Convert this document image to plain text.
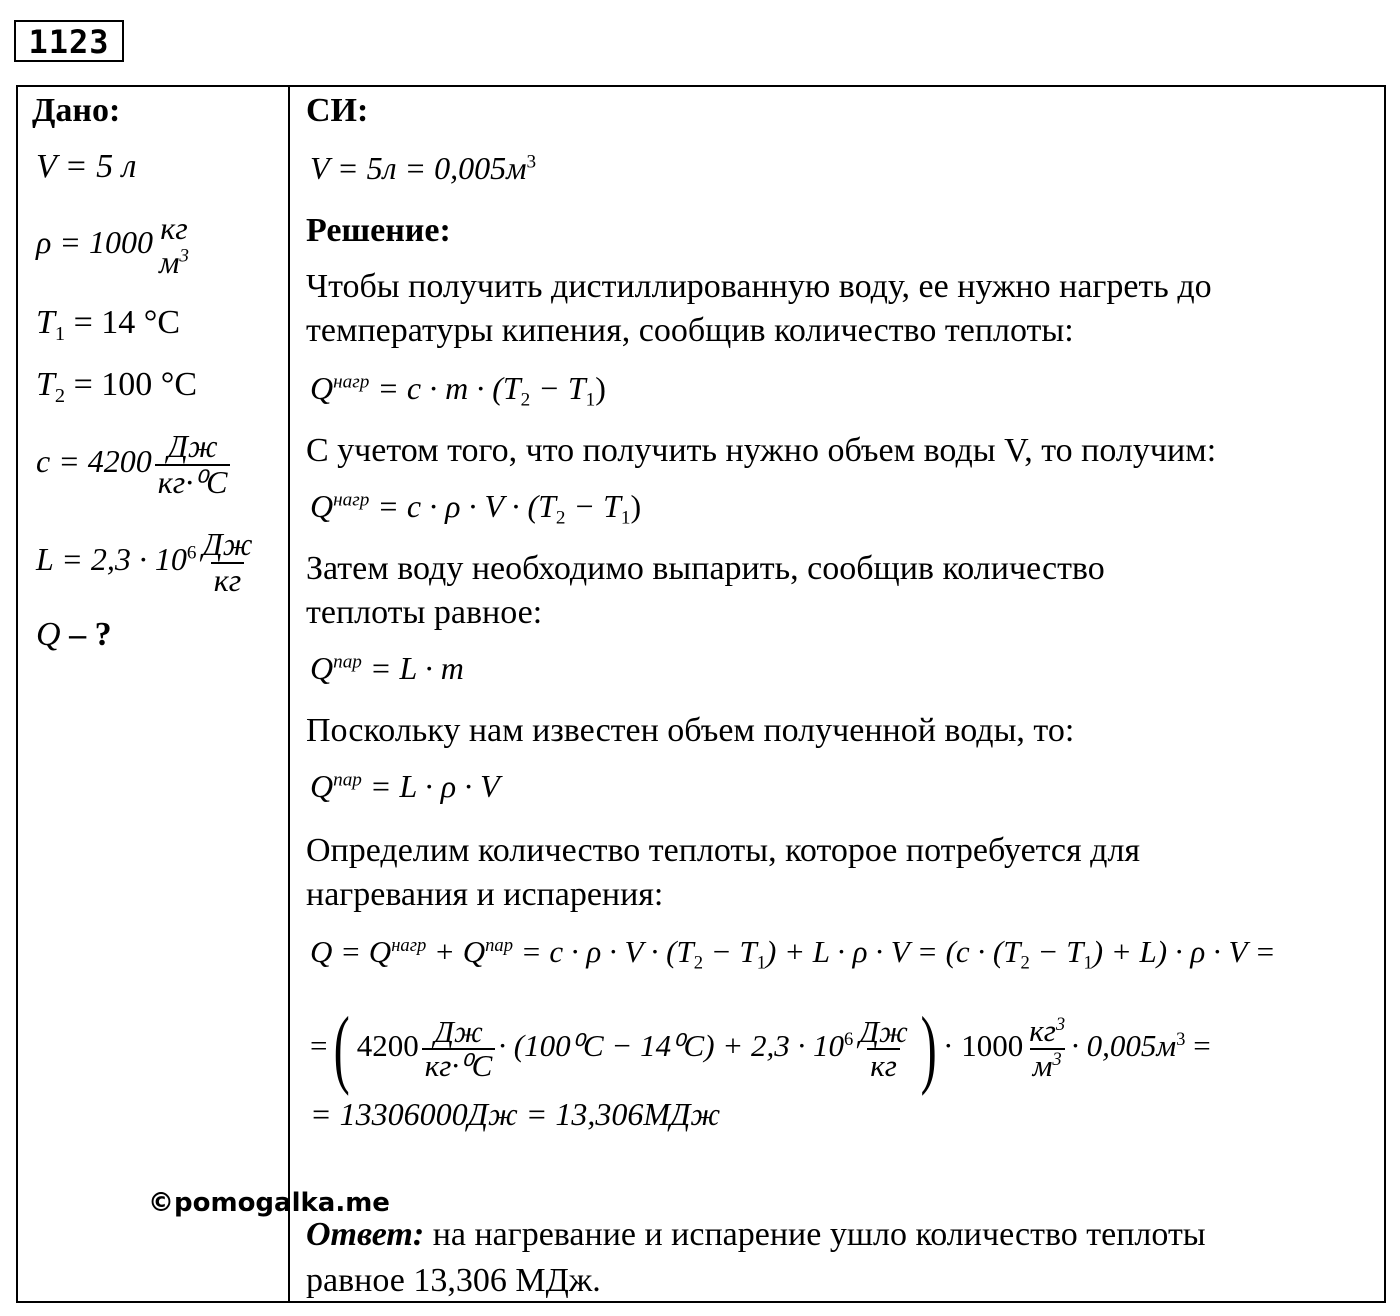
1123
Дано:
V = 5 л
ρ = 1000 кг
$м^3$
$T_1 = 14$ °C
$T_2 = 100$ °C
$c = 4200 \frac{Дж}{\text{кг·⁰C}}$
$L = 2,3 \cdot 10^6 \frac{Дж}{кг}$
Q – ?
СИ:
$V = 5л = 0,005м^3$
Решение:
Чтобы получить дистиллированную воду, ее нужно нагреть до
температуры кипения, сообщив количество теплоты:
$Q^{нагр} = c \cdot m \cdot (T_2 - T_1)$
С учетом того, что получить нужно объем воды V, то получим:
$Q^{нагр} = c \cdot \rho \cdot V \cdot (T_2 - T_1)$
Затем воду необходимо выпарить, сообщив количество
теплоты равное:
$Q^{пар} = L \cdot m$
Поскольку нам известен объем полученной воды, то:
$Q^{пар} = L \cdot \rho \cdot V$
Определим количество теплоты, которое потребуется для
нагревания и испарения:
$Q = Q^{нагр} + Q^{пар} = c \cdot \rho \cdot V \cdot (T_2 - T_1) + L \cdot \rho \cdot V = (c \cdot (T_2 - T_1) + L) \cdot \rho \cdot V$ =
=( $4200 \frac{Дж}{\text{кг·⁰C}} \cdot (100^0C - 14^0C) + 2,3 \cdot 10^6 \frac{Дж}{кг}$ ) · $1000 \frac{кг^3}{м^3} \cdot 0,005м^3$ =
= 13306000Дж = 13,306МДж
©pomogalka.me
Ответ: на нагревание и испарение ушло количество теплоты
равное 13,306 МДж.
